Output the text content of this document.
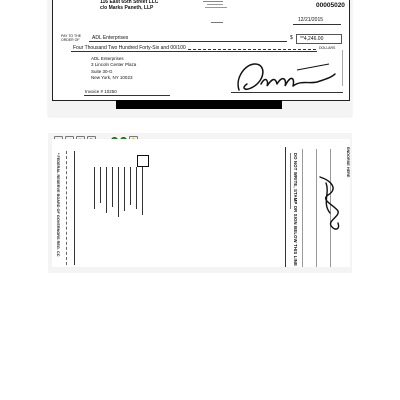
116 East 65th Street LLC
c/o Marks Paneth, LLP	00005020
12/21/2015
PAY TO THE
ORDER OF	ADL Enterprises	$ **4,246.00
Four Thousand Two Hundred Forty-Six and 00/100	DOLLARS
ADL Enterprises
3 Lincoln Center Plaza
Suite 30-G
New York, NY 10023
Invoice # 10250
ENDORSE HERE
DO NOT WRITE, STAMP OR SIGN BELOW THIS LINE
* FEDERAL RESERVE BOARD OF GOVERNORS REG. CC
